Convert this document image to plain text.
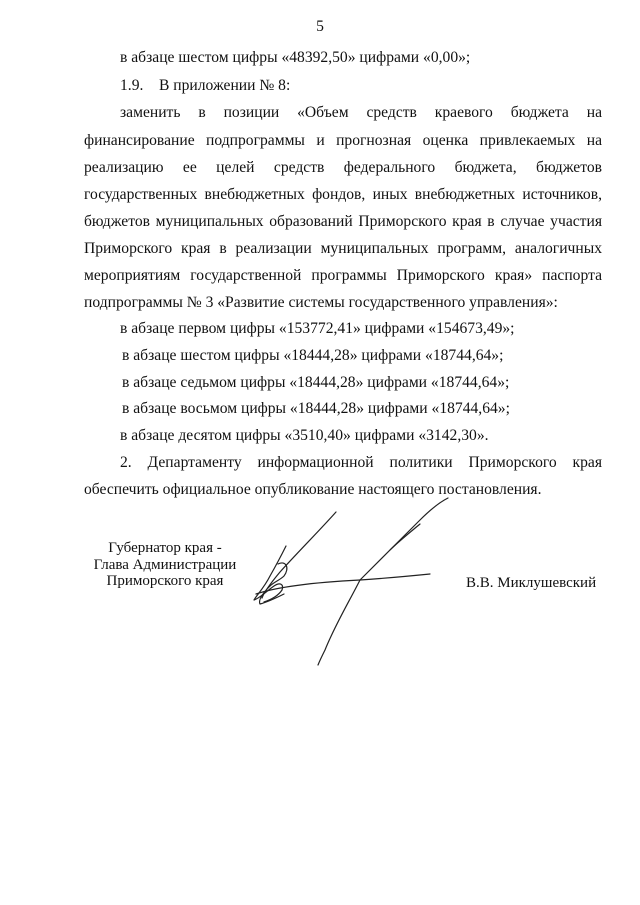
5
в абзаце шестом цифры «48392,50» цифрами «0,00»;
1.9.    В приложении № 8:
заменить в позиции «Объем средств краевого бюджета на
финансирование подпрограммы и прогнозная оценка привлекаемых на
реализацию ее целей средств федерального бюджета, бюджетов
государственных внебюджетных фондов, иных внебюджетных источников,
бюджетов муниципальных образований Приморского края в случае участия
Приморского края в реализации муниципальных программ, аналогичных
мероприятиям государственной программы Приморского края» паспорта
подпрограммы № 3 «Развитие системы государственного управления»:
в абзаце первом цифры «153772,41» цифрами «154673,49»;
в абзаце шестом цифры «18444,28» цифрами «18744,64»;
в абзаце седьмом цифры «18444,28» цифрами «18744,64»;
в абзаце восьмом цифры «18444,28» цифрами «18744,64»;
в абзаце десятом цифры «3510,40» цифрами «3142,30».
2. Департаменту информационной политики Приморского края
обеспечить официальное опубликование настоящего постановления.
Губернатор края -
Глава Администрации
Приморского края	В.В. Миклушевский
